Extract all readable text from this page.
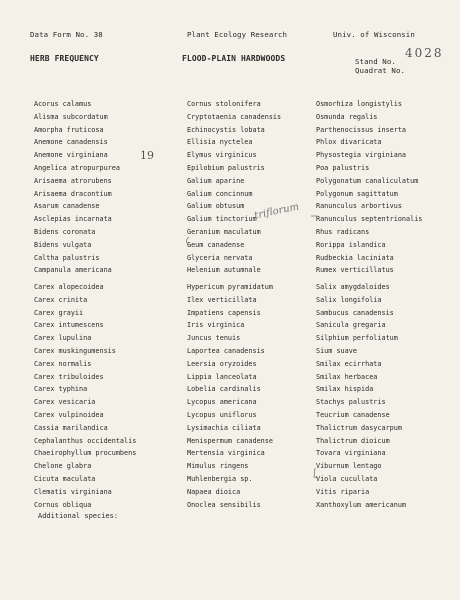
Data Form No. 38	Plant Ecology Research	Univ. of Wisconsin
HERB FREQUENCY	FLOOD-PLAIN HARDWOODS	Stand No.
Quadrat No.
4028
19
triflorum
Acorus calamus
Alisma subcordatum
Amorpha fruticosa
Anemone canadensis
Anemone virginiana
Angelica atropurpurea
Arisaema atrorubens
Arisaema dracontium
Asarum canadense
Asclepias incarnata
Bidens coronata
Bidens vulgata
Caltha palustris
Campanula americana
Carex alopecoidea
Carex crinita
Carex grayii
Carex intumescens
Carex lupulina
Carex muskingumensis
Carex normalis
Carex tribuloides
Carex typhina
Carex vesicaria
Carex vulpinoidea
Cassia marilandica
Cephalanthus occidentalis
Chaeirophyllum procumbens
Chelone glabra
Cicuta maculata
Clematis virginiana
Cornus obliqua
Cornus stolonifera
Cryptotaenia canadensis
Echinocystis lobata
Ellisia nyctelea
Elymus virginicus
Epilobium palustris
Galium aparine
Galium concinnum
Galium obtusum
Galium tinctorium
Geranium maculatum
Geum canadense
Glyceria nervata
Helenium autumnale
Hypericum pyramidatum
Ilex verticillata
Impatiens capensis
Iris virginica
Juncus tenuis
Laportea canadensis
Leersia oryzoides
Lippia lanceolata
Lobelia cardinalis
Lycopus americana
Lycopus uniflorus
Lysimachia ciliata
Menispermum canadense
Mertensia virginica
Mimulus ringens
Muhlenbergia sp.
Napaea dioica
Onoclea sensibilis
Osmorhiza longistylis
Osmunda regalis
Parthenocissus inserta
Phlox divaricata
Physostegia virginiana
Poa palustris
Polygonatum canaliculatum
Polygonum sagittatum
Ranunculus arbortivus
Ranunculus septentrionalis
Rhus radicans
Rorippa islandica
Rudbeckia laciniata
Rumex verticillatus
Salix amygdaloides
Salix longifolia
Sambucus canadensis
Sanicula gregaria
Silphium perfoliatum
Sium suave
Smilax ecirrhata
Smilax herbacea
Smilax hispida
Stachys palustris
Teucrium canadense
Thalictrum dasycarpum
Thalictrum dioicum
Tovara virginiana
Viburnum lentago
Viola cucullata
Vitis riparia
Xanthoxylum americanum
Additional species:
